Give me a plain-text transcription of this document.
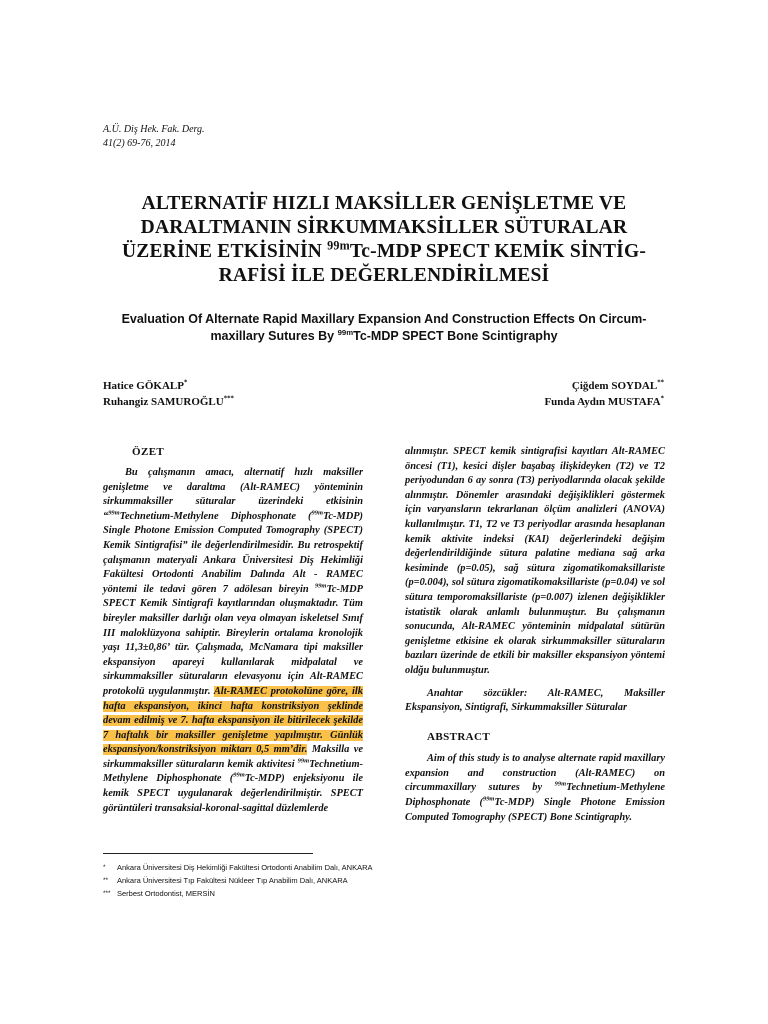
A.Ü. Diş Hek. Fak. Derg.
41(2) 69-76, 2014
ALTERNATİF HIZLI MAKSİLLER GENİŞLETME VE
DARALTMANIN SİRKUMMAKSİLLER SÜTURALAR
ÜZERİNE ETKİSİNİN $^{99m}$Tc-MDP SPECT KEMİK SİNTİG-
RAFİSİ İLE DEĞERLENDİRİLMESİ
Evaluation Of Alternate Rapid Maxillary Expansion And Construction Effects On Circum-
maxillary Sutures By $^{99m}$Tc-MDP SPECT Bone Scintigraphy
Hatice GÖKALP*
Ruhangiz SAMUROĞLU***
Çiğdem SOYDAL**
Funda Aydın MUSTAFA*
ÖZET

Bu çalışmanın amacı, alternatif hızlı maksiller genişletme ve daraltma (Alt-RAMEC) yönteminin sirkummaksiller süturalar üzerindeki etkisinin “$^{99m}$Technetium-Methylene Diphosphonate ($^{99m}$Tc-MDP) Single Photone Emission Computed Tomography (SPECT) Kemik Sintigrafisi” ile değerlendirilmesidir. Bu retrospektif çalışmanın materyali Ankara Üniversitesi Diş Hekimliği Fakültesi Ortodonti Anabilim Dalında Alt - RAMEC yöntemi ile tedavi gören 7 adölesan bireyin $^{99m}$Tc-MDP SPECT Kemik Sintigrafi kayıtlarından oluşmaktadır. Tüm bireyler maksiller darlığı olan veya olmayan iskeletsel Sınıf III maloklüzyona sahiptir. Bireylerin ortalama kronolojik yaşı 11,3±0,86’ tür. Çalışmada, McNamara tipi maksiller ekspansiyon apareyi kullanılarak midpalatal ve sirkummaksiller süturaların elevasyonu için Alt-RAMEC protokolü uygulanmıştır. Alt-RAMEC protokolüne göre, ilk hafta ekspansiyon, ikinci hafta konstriksiyon şeklinde devam edilmiş ve 7. hafta ekspansiyon ile bitirilecek şekilde 7 haftalık bir maksiller genişletme yapılmıştır. Günlük ekspansiyon/konstriksiyon miktarı 0,5 mm’dir. Maksilla ve sirkummaksiller süturaların kemik aktivitesi $^{99m}$Technetium-Methylene Diphosphonate ($^{99m}$Tc-MDP) enjeksiyonu ile kemik SPECT uygulanarak değerlendirilmiştir. SPECT görüntüleri transaksial-koronal-sagittal düzlemlerde

alınmıştır. SPECT kemik sintigrafisi kayıtları Alt-RAMEC öncesi (T1), kesici dişler başabaş ilişkideyken (T2) ve T2 periyodundan 6 ay sonra (T3) periyodlarında olacak şekilde alınmıştır. Dönemler arasındaki değişiklikleri göstermek için varyansların tekrarlanan ölçüm analizleri (ANOVA) kullanılmıştır. T1, T2 ve T3 periyodlar arasında hesaplanan kemik aktivite indeksi (KAI) değerlerindeki değişim değerlendirildiğinde sütura palatine mediana sağ arka kesiminde (p=0.05), sağ sütura zigomatikomaksillariste (p=0.004), sol sütura zigomatikomaksillariste (p=0.04) ve sol sütura temporomaksillariste (p=0.007) izlenen değişiklikler istatistik olarak anlamlı bulunmuştur. Bu çalışmanın sonucunda, Alt-RAMEC yönteminin midpalatal sütürün genişletme etkisine ek olarak sirkummaksiller süturaların bazıları üzerinde de etkili bir maksiller ekspansiyon yöntemi oldğu bulunmuştur.

Anahtar sözcükler: Alt-RAMEC, Maksiller Ekspansiyon, Sintigrafi, Sirkummaksiller Süturalar

ABSTRACT

Aim of this study is to analyse alternate rapid maxillary expansion and construction (Alt-RAMEC) on circummaxillary sutures by $^{99m}$Technetium-Methylene Diphosphonate ($^{99m}$Tc-MDP) Single Photone Emission Computed Tomography (SPECT) Bone Scintigraphy.

* Ankara Üniversitesi Diş Hekimliği Fakültesi Ortodonti Anabilim Dalı, ANKARA
** Ankara Üniversitesi Tıp Fakültesi Nükleer Tıp Anabilim Dalı, ANKARA
*** Serbest Ortodontist, MERSİN
